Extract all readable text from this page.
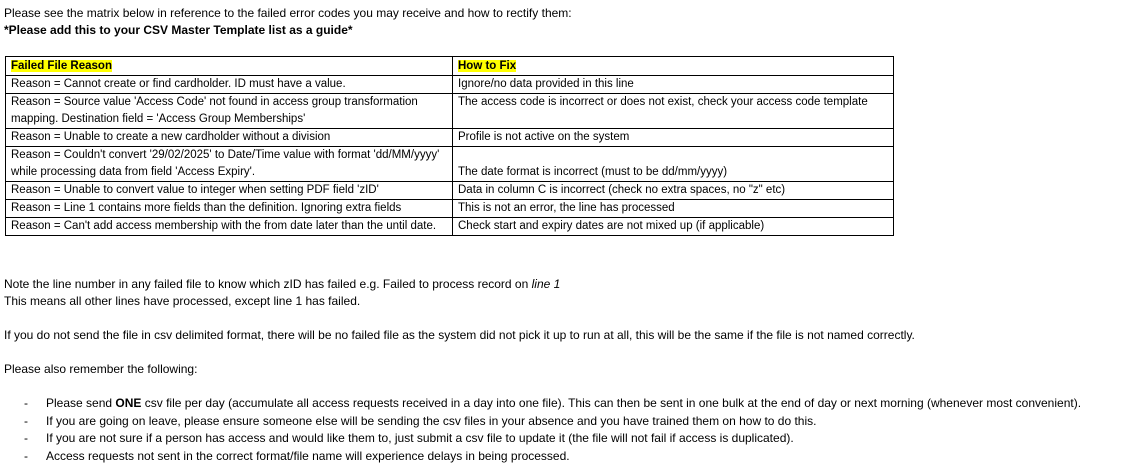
Please see the matrix below in reference to the failed error codes you may receive and how to rectify them:
*Please add this to your CSV Master Template list as a guide*
Failed File Reason	How to Fix
Reason = Cannot create or find cardholder. ID must have a value.	Ignore/no data provided in this line
Reason = Source value 'Access Code' not found in access group transformation mapping. Destination field = 'Access Group Memberships'	The access code is incorrect or does not exist, check your access code template
Reason = Unable to create a new cardholder without a division	Profile is not active on the system
Reason = Couldn't convert '29/02/2025' to Date/Time value with format 'dd/MM/yyyy' while processing data from field 'Access Expiry'.	The date format is incorrect (must to be dd/mm/yyyy)
Reason = Unable to convert value to integer when setting PDF field 'zID'	Data in column C is incorrect (check no extra spaces, no "z" etc)
Reason = Line 1 contains more fields than the definition. Ignoring extra fields	This is not an error, the line has processed
Reason = Can't add access membership with the from date later than the until date.	Check start and expiry dates are not mixed up (if applicable)
Note the line number in any failed file to know which zID has failed e.g. Failed to process record on line 1
This means all other lines have processed, except line 1 has failed.
If you do not send the file in csv delimited format, there will be no failed file as the system did not pick it up to run at all, this will be the same if the file is not named correctly.
Please also remember the following:
- Please send ONE csv file per day (accumulate all access requests received in a day into one file). This can then be sent in one bulk at the end of day or next morning (whenever most convenient).
- If you are going on leave, please ensure someone else will be sending the csv files in your absence and you have trained them on how to do this.
- If you are not sure if a person has access and would like them to, just submit a csv file to update it (the file will not fail if access is duplicated).
- Access requests not sent in the correct format/file name will experience delays in being processed.
